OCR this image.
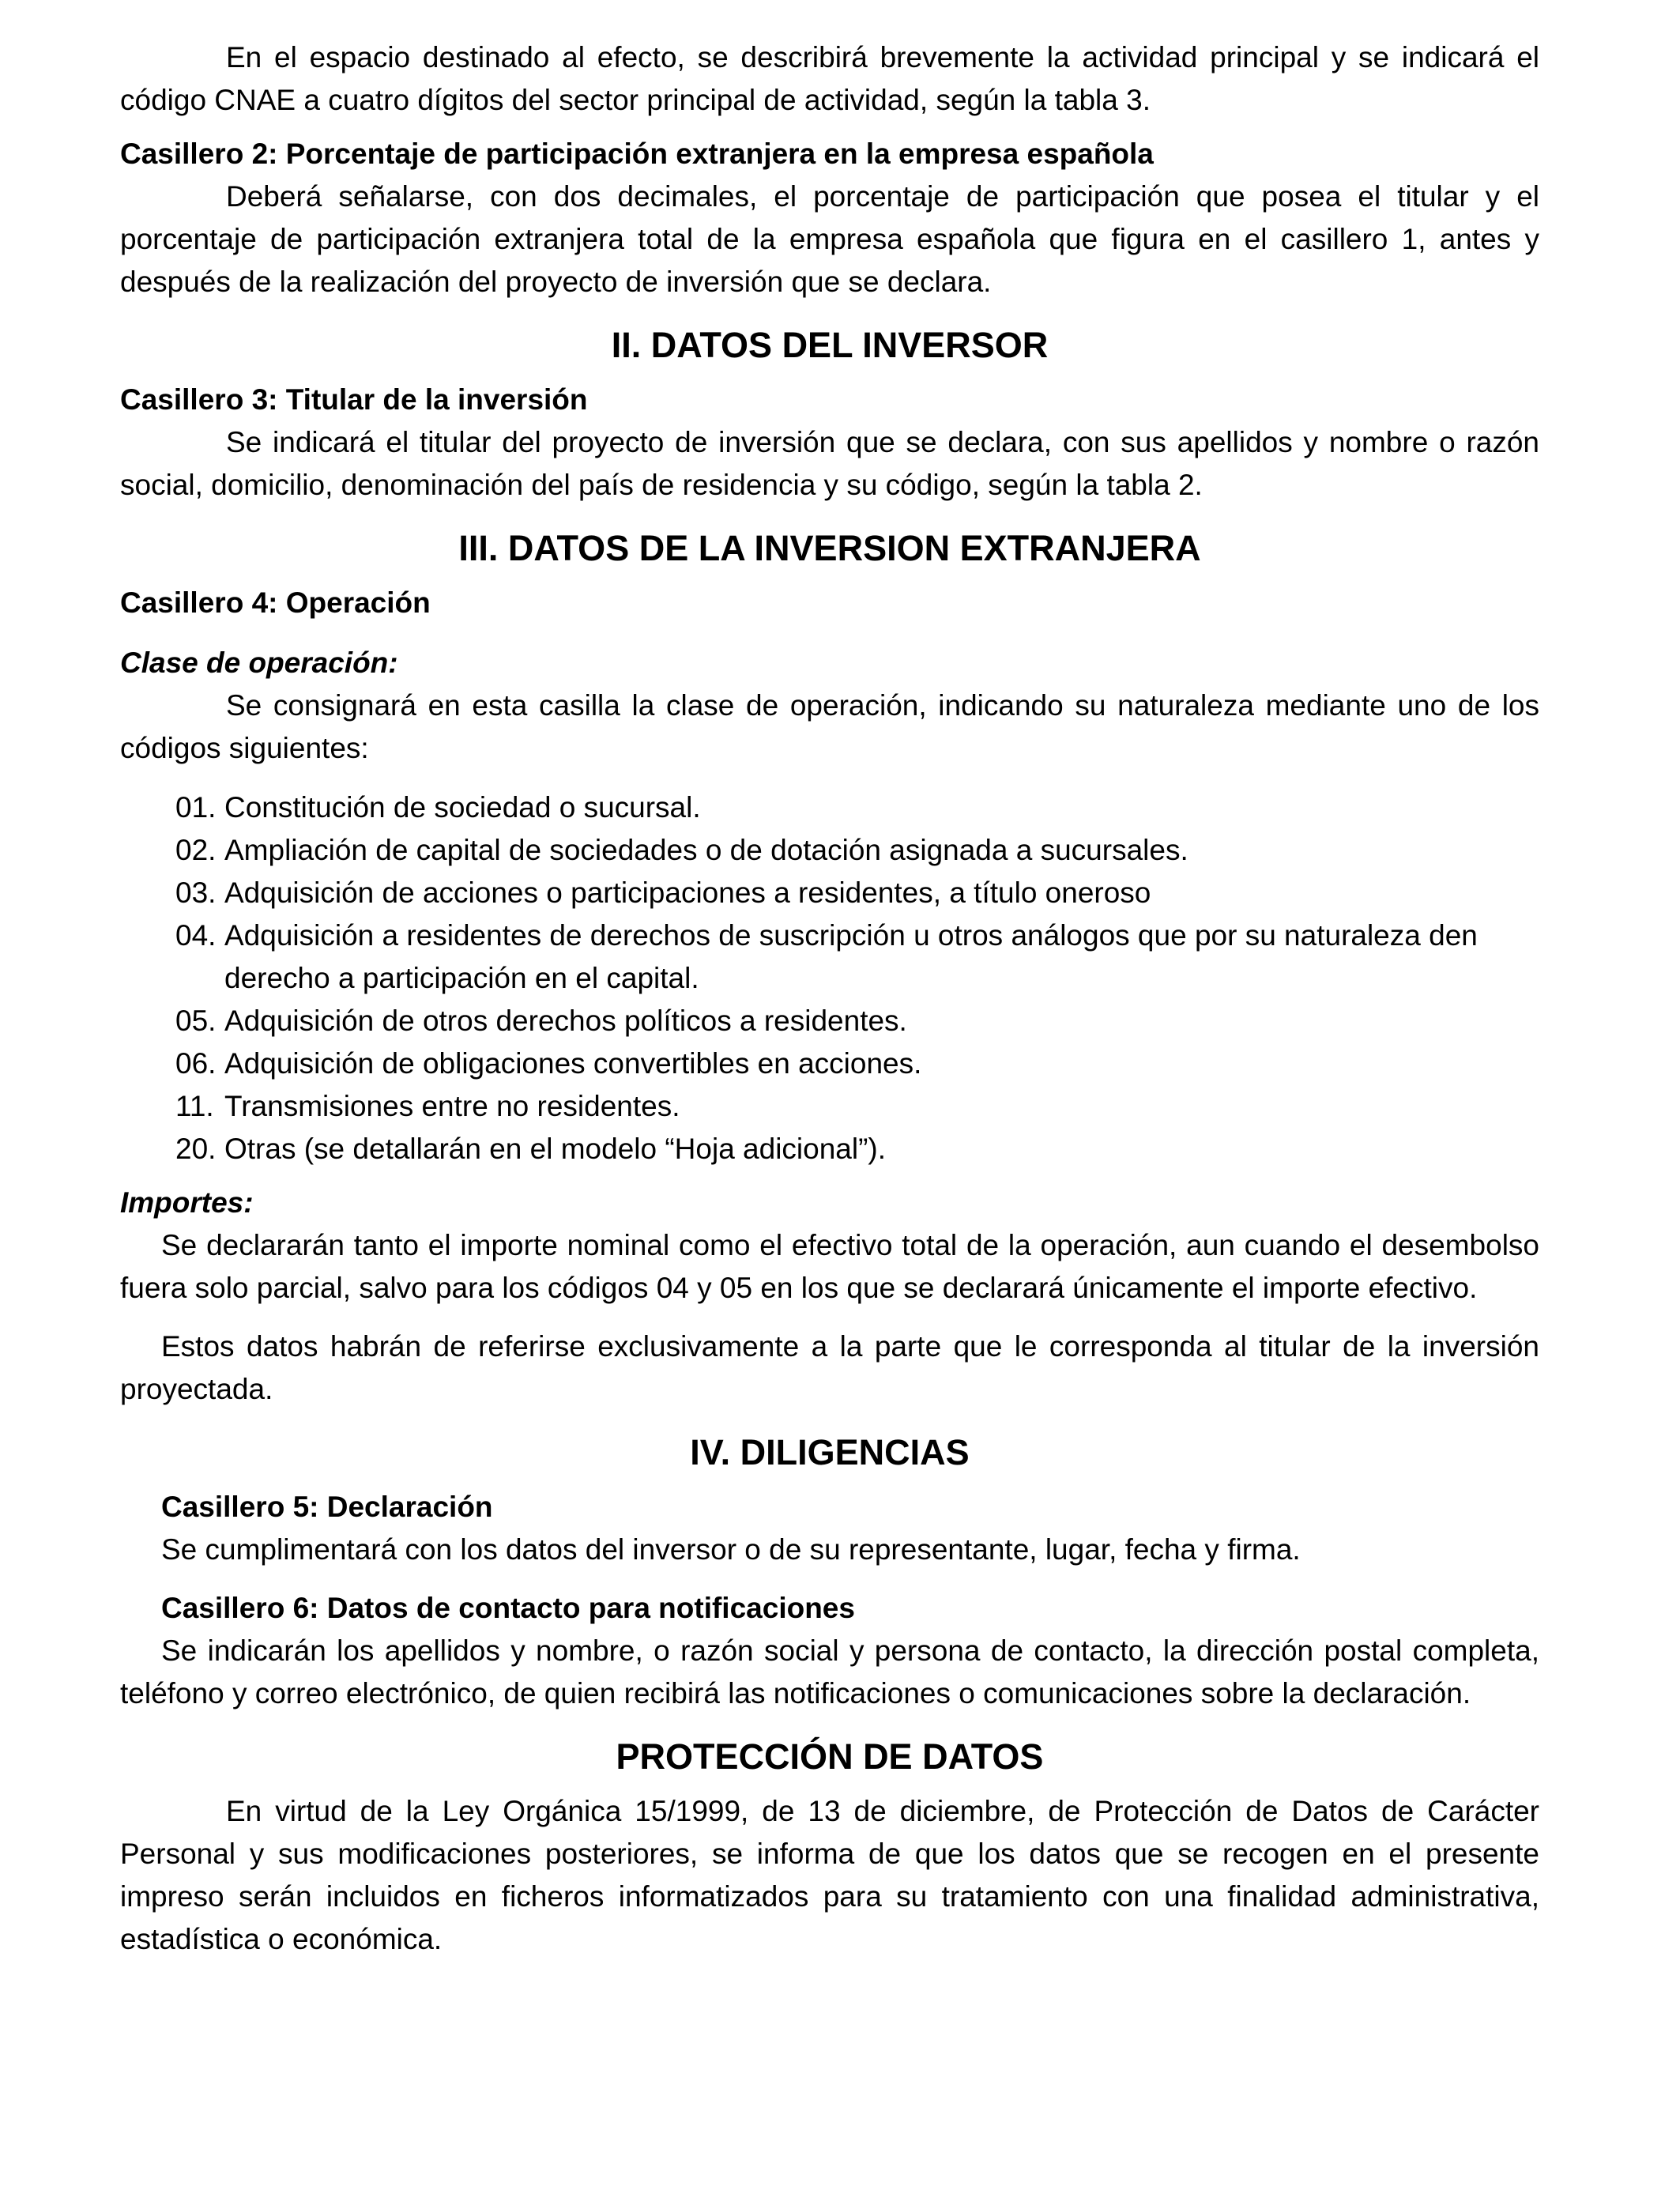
En el espacio destinado al efecto, se describirá brevemente la actividad principal y se indicará el código CNAE a cuatro dígitos del sector principal de actividad, según la tabla 3.

Casillero 2: Porcentaje de participación extranjera en la empresa española

Deberá señalarse, con dos decimales, el porcentaje de participación que posea el titular y el porcentaje de participación extranjera total de la empresa española que figura en el casillero 1, antes y después de la realización del proyecto de inversión que se declara.

II. DATOS DEL INVERSOR

Casillero 3: Titular de la inversión

Se indicará el titular del proyecto de inversión que se declara, con sus apellidos y nombre o razón social, domicilio, denominación del país de residencia y su código, según la tabla 2.

III. DATOS DE LA INVERSION EXTRANJERA

Casillero 4: Operación

Clase de operación:

Se consignará en esta casilla la clase de operación, indicando su naturaleza mediante uno de los códigos siguientes:

01. Constitución de sociedad o sucursal.
02. Ampliación de capital de sociedades o de dotación asignada a sucursales.
03. Adquisición de acciones o participaciones a residentes, a título oneroso
04. Adquisición a residentes de derechos de suscripción u otros análogos que por su naturaleza den derecho a participación en el capital.
05. Adquisición de otros derechos políticos a residentes.
06. Adquisición de obligaciones convertibles en acciones.
11. Transmisiones entre no residentes.
20. Otras (se detallarán en el modelo “Hoja adicional”).

Importes:

Se declararán tanto el importe nominal como el efectivo total de la operación, aun cuando el desembolso fuera solo parcial, salvo para los códigos 04 y 05 en los que se declarará únicamente el importe efectivo.

Estos datos habrán de referirse exclusivamente a la parte que le corresponda al titular de la inversión proyectada.

IV. DILIGENCIAS

Casillero 5: Declaración

Se cumplimentará con los datos del inversor o de su representante, lugar, fecha y firma.

Casillero 6: Datos de contacto para notificaciones

Se indicarán los apellidos y nombre, o razón social y persona de contacto, la dirección postal completa, teléfono y correo electrónico, de quien recibirá las notificaciones o comunicaciones sobre la declaración.

PROTECCIÓN DE DATOS

En virtud de la Ley Orgánica 15/1999, de 13 de diciembre, de Protección de Datos de Carácter Personal y sus modificaciones posteriores, se informa de que los datos que se recogen en el presente impreso serán incluidos en ficheros informatizados para su tratamiento con una finalidad administrativa, estadística o económica.
